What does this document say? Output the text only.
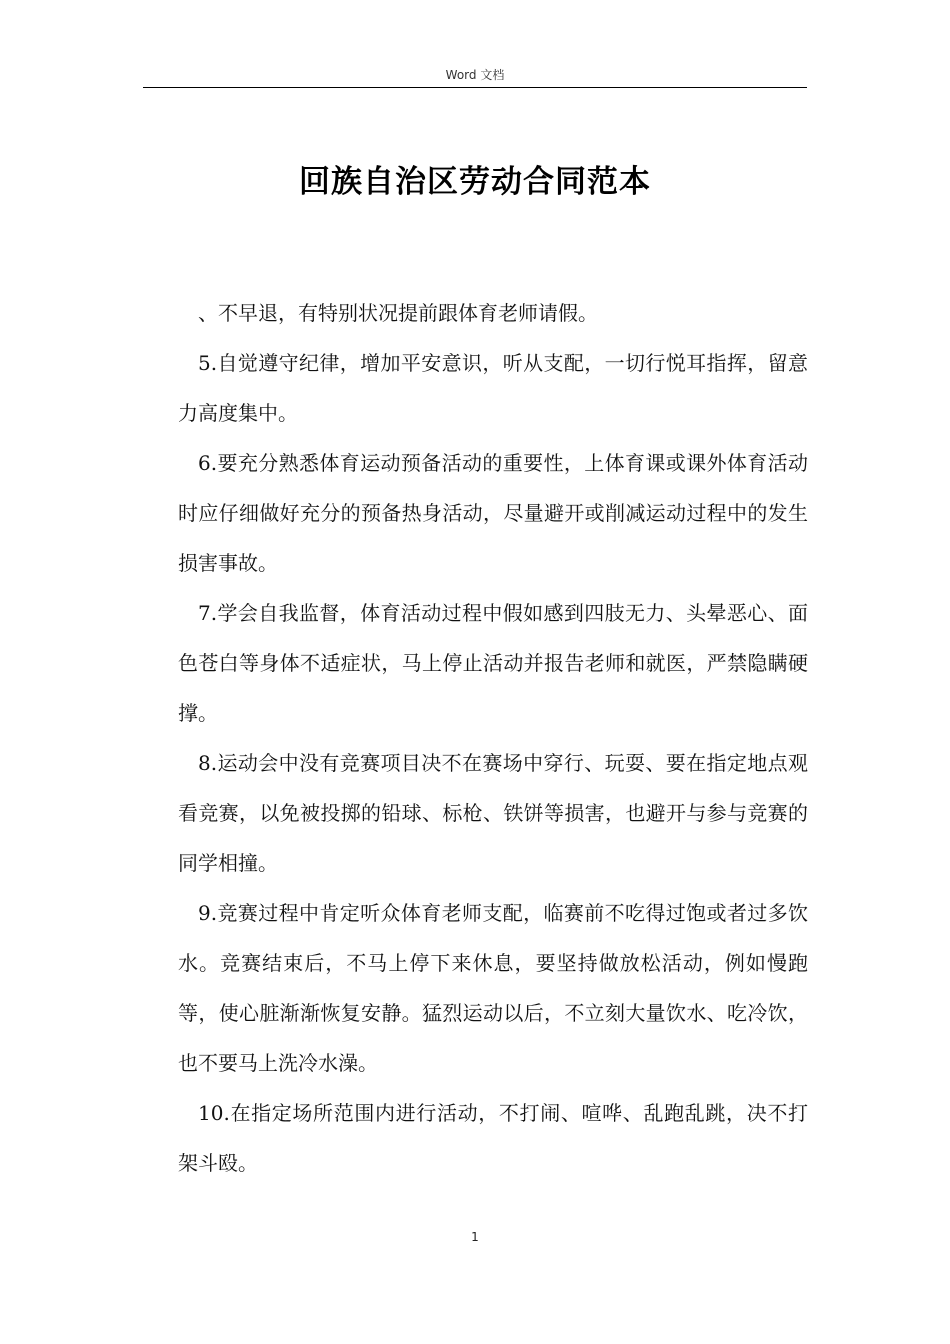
Word 文档
回族自治区劳动合同范本

、不早退，有特别状况提前跟体育老师请假。

5.自觉遵守纪律，增加平安意识，听从支配，一切行悦耳指挥，留意力高度集中。

6.要充分熟悉体育运动预备活动的重要性，上体育课或课外体育活动时应仔细做好充分的预备热身活动，尽量避开或削减运动过程中的发生损害事故。

7.学会自我监督，体育活动过程中假如感到四肢无力、头晕恶心、面色苍白等身体不适症状，马上停止活动并报告老师和就医，严禁隐瞒硬撑。

8.运动会中没有竞赛项目决不在赛场中穿行、玩耍、要在指定地点观看竞赛，以免被投掷的铅球、标枪、铁饼等损害，也避开与参与竞赛的同学相撞。

9.竞赛过程中肯定听众体育老师支配，临赛前不吃得过饱或者过多饮水。竞赛结束后，不马上停下来休息，要坚持做放松活动，例如慢跑等，使心脏渐渐恢复安静。猛烈运动以后，不立刻大量饮水、吃冷饮，也不要马上洗冷水澡。

10.在指定场所范围内进行活动，不打闹、喧哗、乱跑乱跳，决不打架斗殴。

1
